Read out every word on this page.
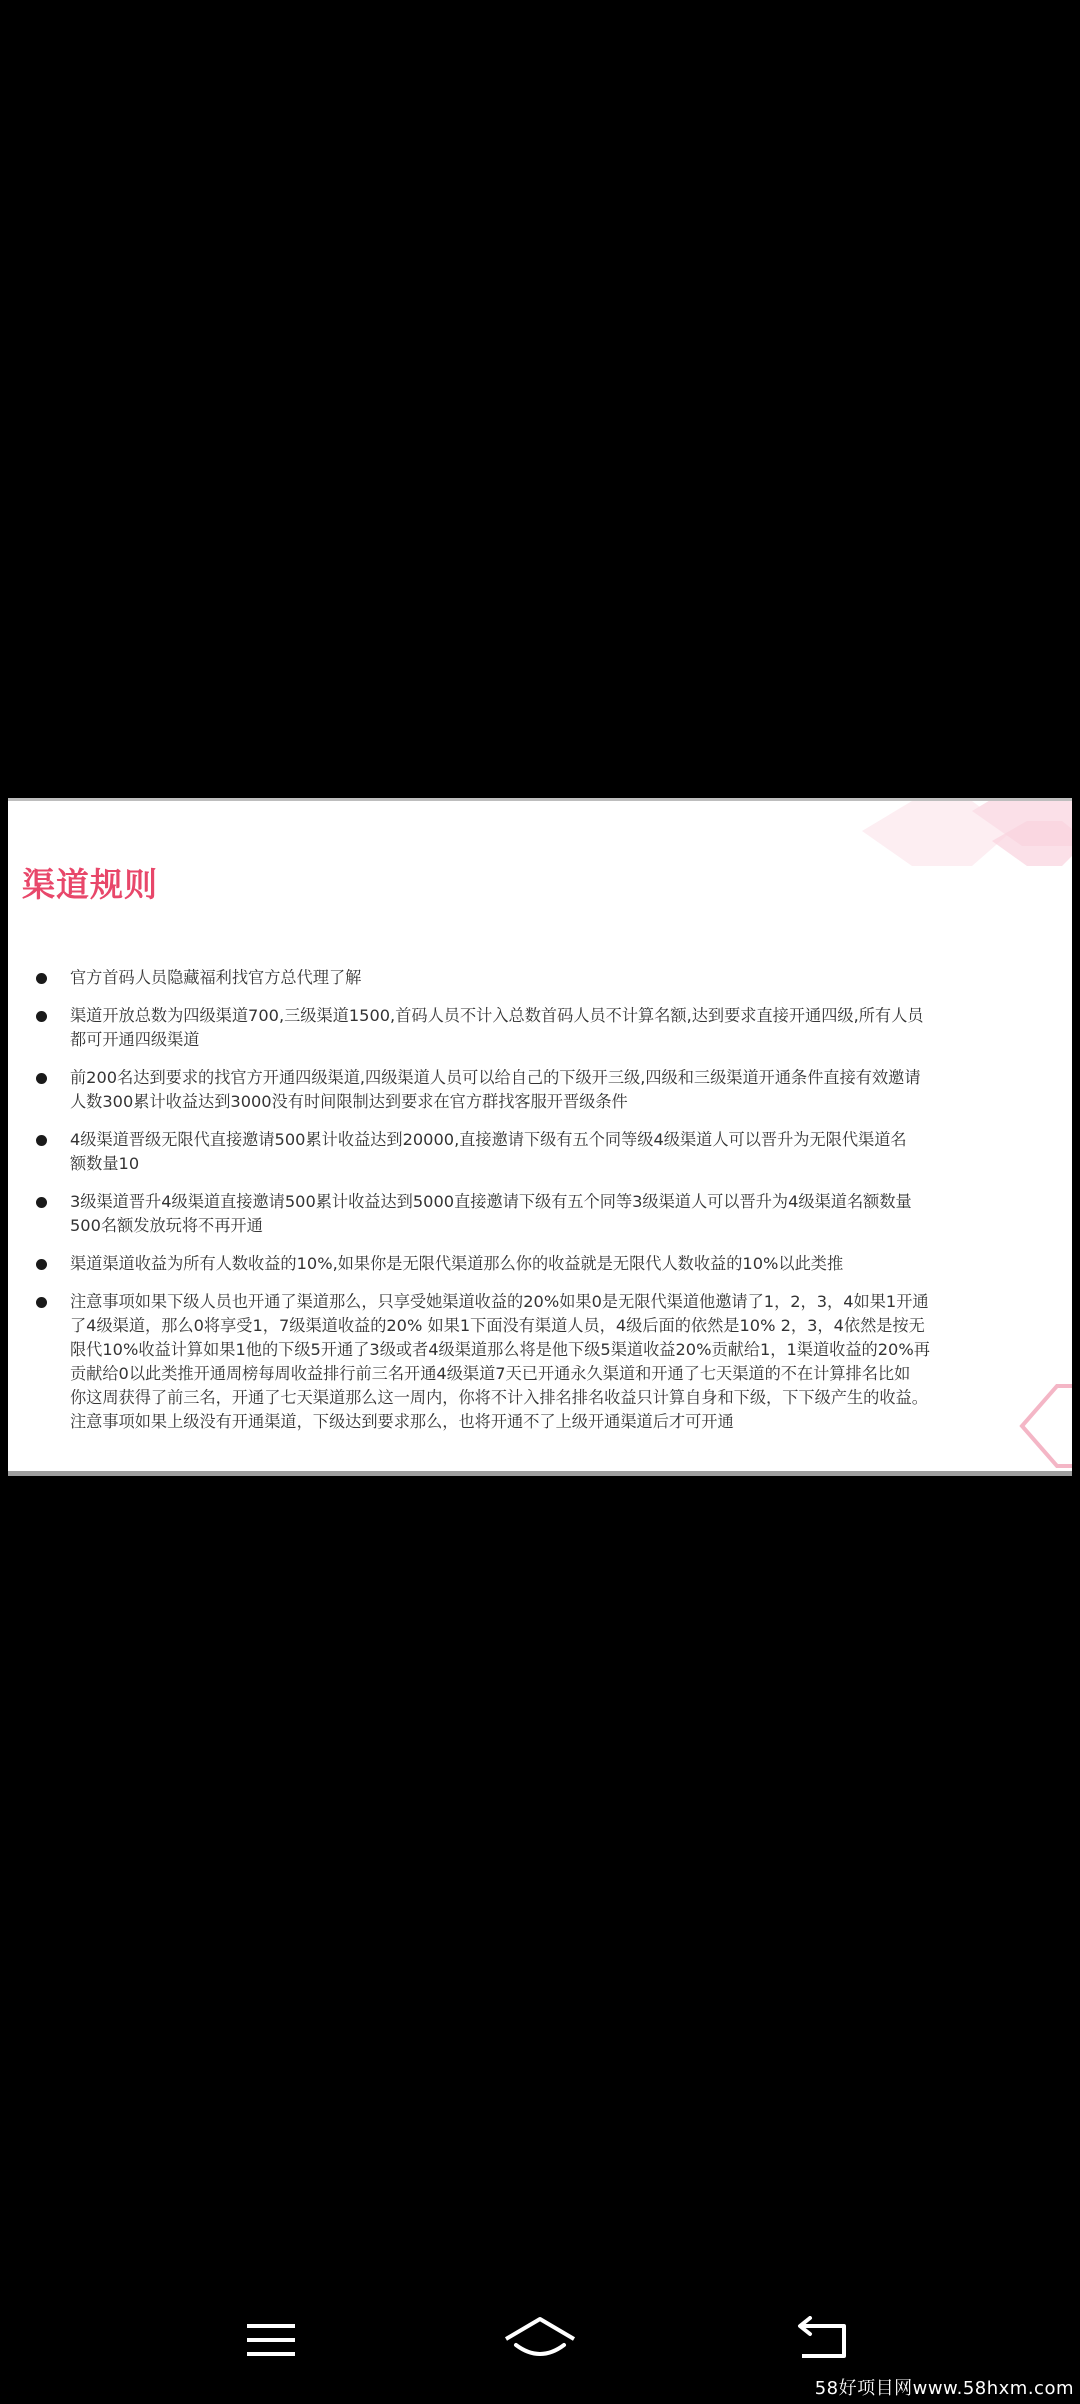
渠道规则
官方首码人员隐藏福利找官方总代理了解
渠道开放总数为四级渠道700,三级渠道1500,首码人员不计入总数首码人员不计算名额,达到要求直接开通四级,所有人员
都可开通四级渠道
前200名达到要求的找官方开通四级渠道,四级渠道人员可以给自己的下级开三级,四级和三级渠道开通条件直接有效邀请
人数300累计收益达到3000没有时间限制达到要求在官方群找客服开晋级条件
4级渠道晋级无限代直接邀请500累计收益达到20000,直接邀请下级有五个同等级4级渠道人可以晋升为无限代渠道名
额数量10
3级渠道晋升4级渠道直接邀请500累计收益达到5000直接邀请下级有五个同等3级渠道人可以晋升为4级渠道名额数量
500名额发放玩将不再开通
渠道渠道收益为所有人数收益的10%,如果你是无限代渠道那么你的收益就是无限代人数收益的10%以此类推
注意事项如果下级人员也开通了渠道那么，只享受她渠道收益的20%如果0是无限代渠道他邀请了1，2，3，4如果1开通
了4级渠道，那么0将享受1，7级渠道收益的20% 如果1下面没有渠道人员，4级后面的依然是10% 2，3，4依然是按无
限代10%收益计算如果1他的下级5开通了3级或者4级渠道那么将是他下级5渠道收益20%贡献给1，1渠道收益的20%再
贡献给0以此类推开通周榜每周收益排行前三名开通4级渠道7天已开通永久渠道和开通了七天渠道的不在计算排名比如
你这周获得了前三名，开通了七天渠道那么这一周内，你将不计入排名排名收益只计算自身和下级，下下级产生的收益。
注意事项如果上级没有开通渠道，下级达到要求那么，也将开通不了上级开通渠道后才可开通
58好项目网www.58hxm.com
